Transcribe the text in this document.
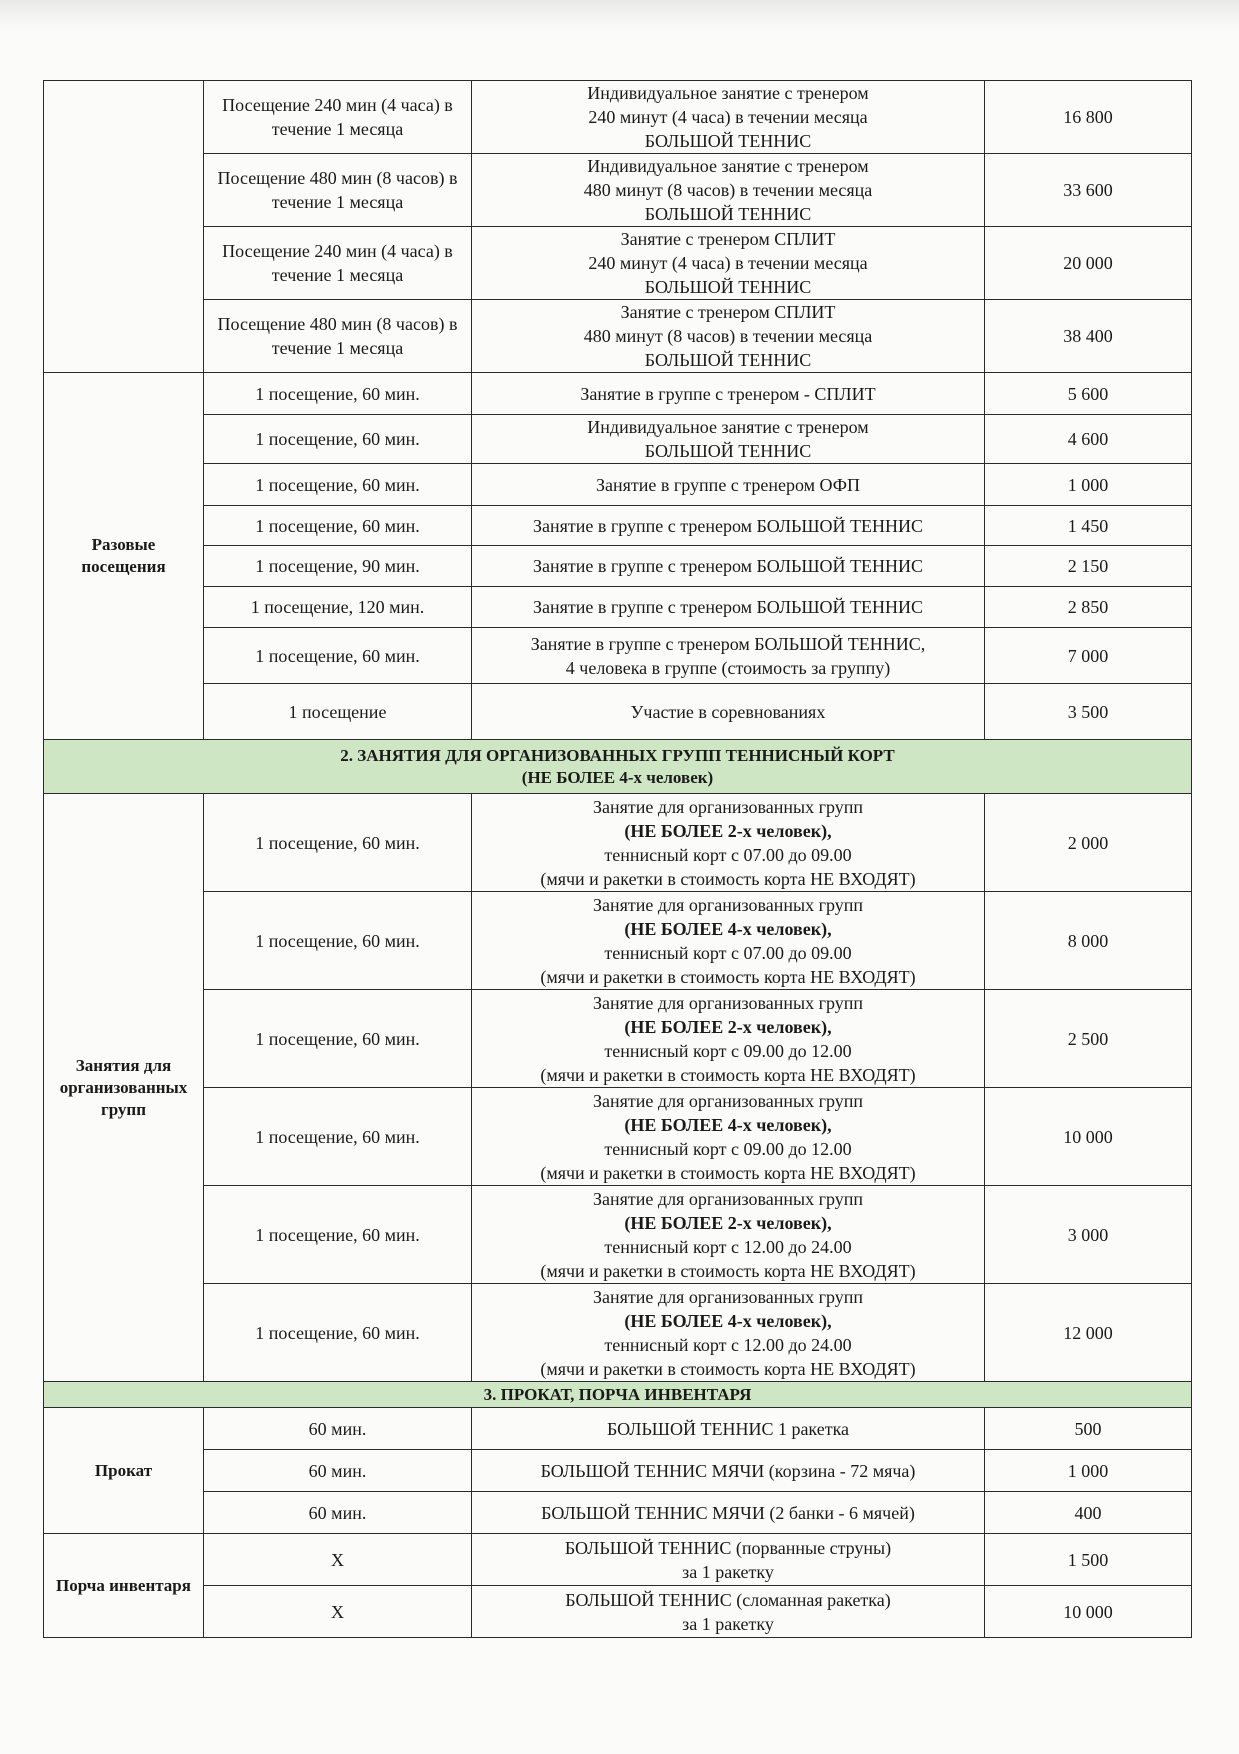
	Посещение 240 мин (4 часа) в течение 1 месяца	Индивидуальное занятие с тренером
240 минут (4 часа) в течении месяца
БОЛЬШОЙ ТЕННИС	16 800
	Посещение 480 мин (8 часов) в течение 1 месяца	Индивидуальное занятие с тренером
480 минут (8 часов) в течении месяца
БОЛЬШОЙ ТЕННИС	33 600
	Посещение 240 мин (4 часа) в течение 1 месяца	Занятие с тренером СПЛИТ
240 минут (4 часа) в течении месяца
БОЛЬШОЙ ТЕННИС	20 000
	Посещение 480 мин (8 часов) в течение 1 месяца	Занятие с тренером СПЛИТ
480 минут (8 часов) в течении месяца
БОЛЬШОЙ ТЕННИС	38 400
Разовые посещения	1 посещение, 60 мин.	Занятие в группе с тренером - СПЛИТ	5 600
	1 посещение, 60 мин.	Индивидуальное занятие с тренером
БОЛЬШОЙ ТЕННИС	4 600
	1 посещение, 60 мин.	Занятие в группе с тренером ОФП	1 000
	1 посещение, 60 мин.	Занятие в группе с тренером БОЛЬШОЙ ТЕННИС	1 450
	1 посещение, 90 мин.	Занятие в группе с тренером БОЛЬШОЙ ТЕННИС	2 150
	1 посещение, 120 мин.	Занятие в группе с тренером БОЛЬШОЙ ТЕННИС	2 850
	1 посещение, 60 мин.	Занятие в группе с тренером БОЛЬШОЙ ТЕННИС,
4 человека в группе (стоимость за группу)	7 000
	1 посещение	Участие в соревнованиях	3 500

2. ЗАНЯТИЯ ДЛЯ ОРГАНИЗОВАННЫХ ГРУПП ТЕННИСНЫЙ КОРТ
(НЕ БОЛЕЕ 4-х человек)			

Занятия для организованных групп	1 посещение, 60 мин.	Занятие для организованных групп
(НЕ БОЛЕЕ 2-х человек),
теннисный корт с 07.00 до 09.00
(мячи и ракетки в стоимость корта НЕ ВХОДЯТ)	2 000
	1 посещение, 60 мин.	Занятие для организованных групп
(НЕ БОЛЕЕ 4-х человек),
теннисный корт с 07.00 до 09.00
(мячи и ракетки в стоимость корта НЕ ВХОДЯТ)	8 000
	1 посещение, 60 мин.	Занятие для организованных групп
(НЕ БОЛЕЕ 2-х человек),
теннисный корт с 09.00 до 12.00
(мячи и ракетки в стоимость корта НЕ ВХОДЯТ)	2 500
	1 посещение, 60 мин.	Занятие для организованных групп
(НЕ БОЛЕЕ 4-х человек),
теннисный корт с 09.00 до 12.00
(мячи и ракетки в стоимость корта НЕ ВХОДЯТ)	10 000
	1 посещение, 60 мин.	Занятие для организованных групп
(НЕ БОЛЕЕ 2-х человек),
теннисный корт с 12.00 до 24.00
(мячи и ракетки в стоимость корта НЕ ВХОДЯТ)	3 000
	1 посещение, 60 мин.	Занятие для организованных групп
(НЕ БОЛЕЕ 4-х человек),
теннисный корт с 12.00 до 24.00
(мячи и ракетки в стоимость корта НЕ ВХОДЯТ)	12 000
3. ПРОКАТ, ПОРЧА ИНВЕНТАРЯ			
Прокат	60 мин.	БОЛЬШОЙ ТЕННИС 1 ракетка	500
	60 мин.	БОЛЬШОЙ ТЕННИС МЯЧИ (корзина - 72 мяча)	1 000
	60 мин.	БОЛЬШОЙ ТЕННИС МЯЧИ (2 банки - 6 мячей)	400
Порча инвентаря	Х	БОЛЬШОЙ ТЕННИС (порванные струны)
за 1 ракетку	1 500
	Х	БОЛЬШОЙ ТЕННИС (сломанная ракетка)
за 1 ракетку	10 000
